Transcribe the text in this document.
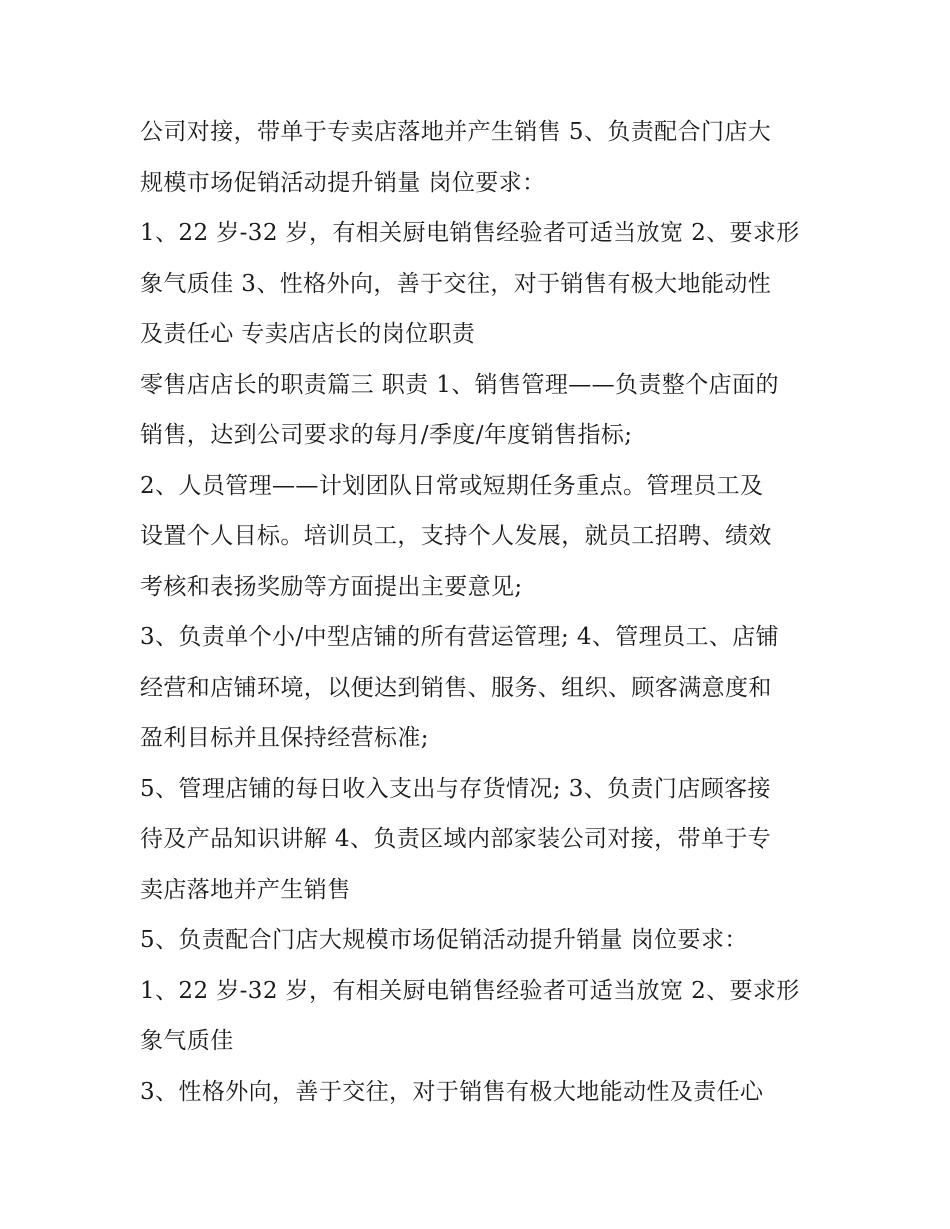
公司对接，带单于专卖店落地并产生销售 5、负责配合门店大
规模市场促销活动提升销量 岗位要求：
1、22 岁-32 岁，有相关厨电销售经验者可适当放宽 2、要求形
象气质佳 3、性格外向，善于交往，对于销售有极大地能动性
及责任心 专卖店店长的岗位职责
零售店店长的职责篇三 职责 1、销售管理——负责整个店面的
销售，达到公司要求的每月/季度/年度销售指标;
2、人员管理——计划团队日常或短期任务重点。管理员工及
设置个人目标。培训员工，支持个人发展，就员工招聘、绩效
考核和表扬奖励等方面提出主要意见;
3、负责单个小/中型店铺的所有营运管理; 4、管理员工、店铺
经营和店铺环境，以便达到销售、服务、组织、顾客满意度和
盈利目标并且保持经营标准;
5、管理店铺的每日收入支出与存货情况; 3、负责门店顾客接
待及产品知识讲解 4、负责区域内部家装公司对接，带单于专
卖店落地并产生销售
5、负责配合门店大规模市场促销活动提升销量 岗位要求：
1、22 岁-32 岁，有相关厨电销售经验者可适当放宽 2、要求形
象气质佳
3、性格外向，善于交往，对于销售有极大地能动性及责任心
